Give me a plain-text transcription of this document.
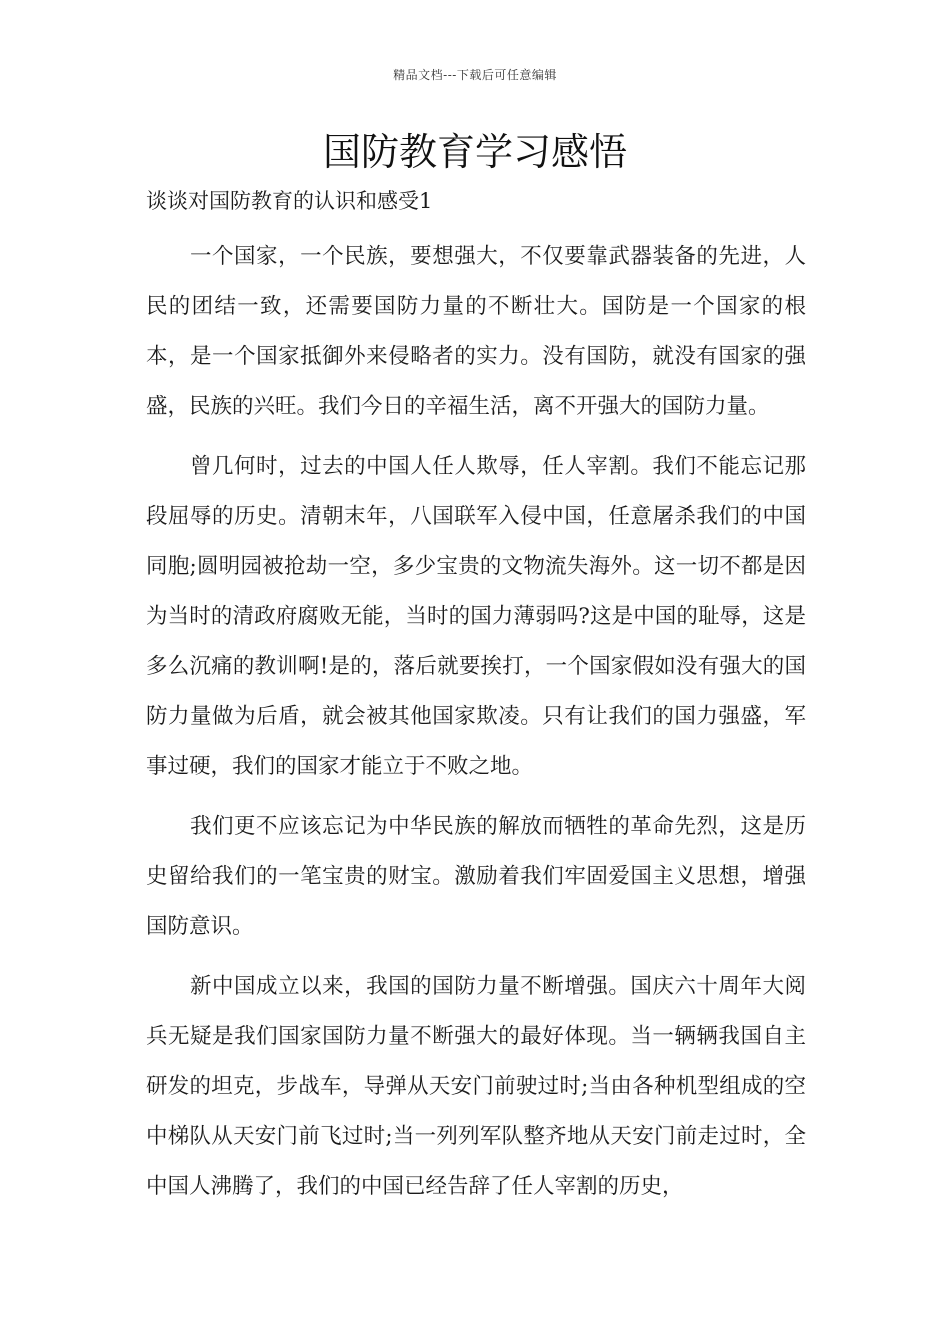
精品文档---下载后可任意编辑
国防教育学习感悟

谈谈对国防教育的认识和感受1

一个国家，一个民族，要想强大，不仅要靠武器装备的先进，人民的团结一致，还需要国防力量的不断壮大。国防是一个国家的根本，是一个国家抵御外来侵略者的实力。没有国防，就没有国家的强盛，民族的兴旺。我们今日的辛福生活，离不开强大的国防力量。

曾几何时，过去的中国人任人欺辱，任人宰割。我们不能忘记那段屈辱的历史。清朝末年，八国联军入侵中国，任意屠杀我们的中国同胞;圆明园被抢劫一空，多少宝贵的文物流失海外。这一切不都是因为当时的清政府腐败无能，当时的国力薄弱吗?这是中国的耻辱，这是多么沉痛的教训啊!是的，落后就要挨打，一个国家假如没有强大的国防力量做为后盾，就会被其他国家欺凌。只有让我们的国力强盛，军事过硬，我们的国家才能立于不败之地。

我们更不应该忘记为中华民族的解放而牺牲的革命先烈，这是历史留给我们的一笔宝贵的财宝。激励着我们牢固爱国主义思想，增强国防意识。

新中国成立以来，我国的国防力量不断增强。国庆六十周年大阅兵无疑是我们国家国防力量不断强大的最好体现。当一辆辆我国自主研发的坦克，步战车，导弹从天安门前驶过时;当由各种机型组成的空中梯队从天安门前飞过时;当一列列军队整齐地从天安门前走过时，全中国人沸腾了，我们的中国已经告辞了任人宰割的历史，
